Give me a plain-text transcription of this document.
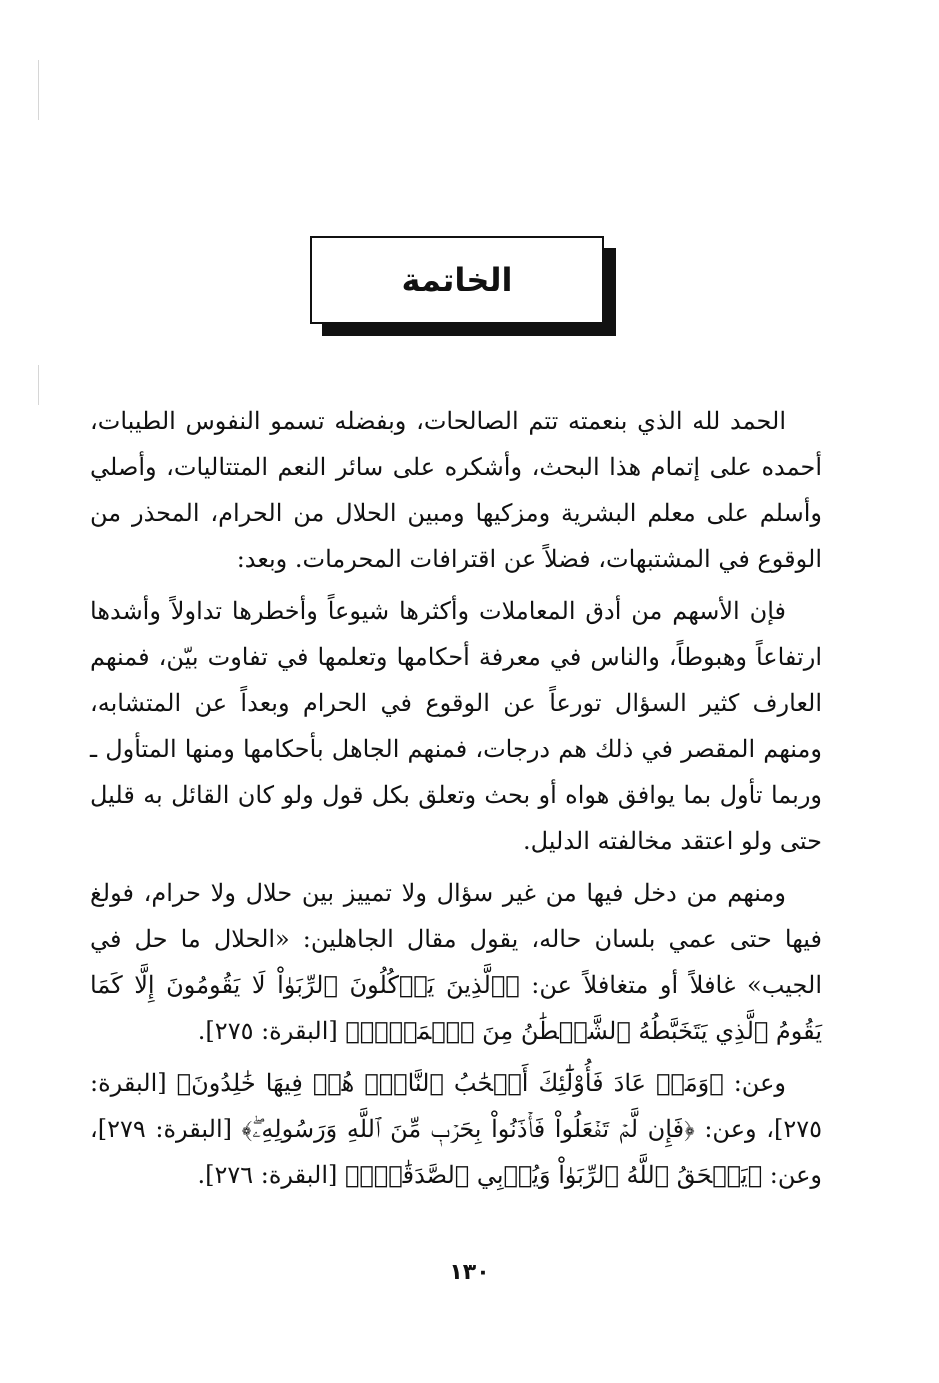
الخاتمة

الحمد لله الذي بنعمته تتم الصالحات، وبفضله تسمو النفوس الطيبات، أحمده على إتمام هذا البحث، وأشكره على سائر النعم المتتاليات، وأصلي وأسلم على معلم البشرية ومزكيها ومبين الحلال من الحرام، المحذر من الوقوع في المشتبهات، فضلاً عن اقترافات المحرمات. وبعد:

فإن الأسهم من أدق المعاملات وأكثرها شيوعاً وأخطرها تداولاً وأشدها ارتفاعاً وهبوطاً، والناس في معرفة أحكامها وتعلمها في تفاوت بيّن، فمنهم العارف كثير السؤال تورعاً عن الوقوع في الحرام وبعداً عن المتشابه، ومنهم المقصر في ذلك هم درجات، فمنهم الجاهل بأحكامها ومنها المتأول ـ وربما تأول بما يوافق هواه أو بحث وتعلق بكل قول ولو كان القائل به قليل حتى ولو اعتقد مخالفته الدليل.

ومنهم من دخل فيها من غير سؤال ولا تمييز بين حلال ولا حرام، فولغ فيها حتى عمي بلسان حاله، يقول مقال الجاهلين: «الحلال ما حل في الجيب» غافلاً أو متغافلاً عن: ﴿ٱلَّذِينَ يَأۡكُلُونَ ٱلرِّبَوٰاْ لَا يَقُومُونَ إِلَّا كَمَا يَقُومُ ٱلَّذِي يَتَخَبَّطُهُ ٱلشَّيۡطَٰنُ مِنَ ٱلۡمَسِّۚ﴾ [البقرة: ٢٧٥].

وعن: ﴿وَمَنۡ عَادَ فَأُوْلَٰٓئِكَ أَصۡحَٰبُ ٱلنَّارِۖ هُمۡ فِيهَا خَٰلِدُونَ﴾ [البقرة: ٢٧٥]، وعن: ﴿فَإِن لَّمۡ تَفۡعَلُواْ فَأۡذَنُواْ بِحَرۡبٖ مِّنَ ٱللَّهِ وَرَسُولِهِۦۖ﴾ [البقرة: ٢٧٩]، وعن: ﴿يَمۡحَقُ ٱللَّهُ ٱلرِّبَوٰاْ وَيُرۡبِي ٱلصَّدَقَٰتِۗ﴾ [البقرة: ٢٧٦].

١٣٠
